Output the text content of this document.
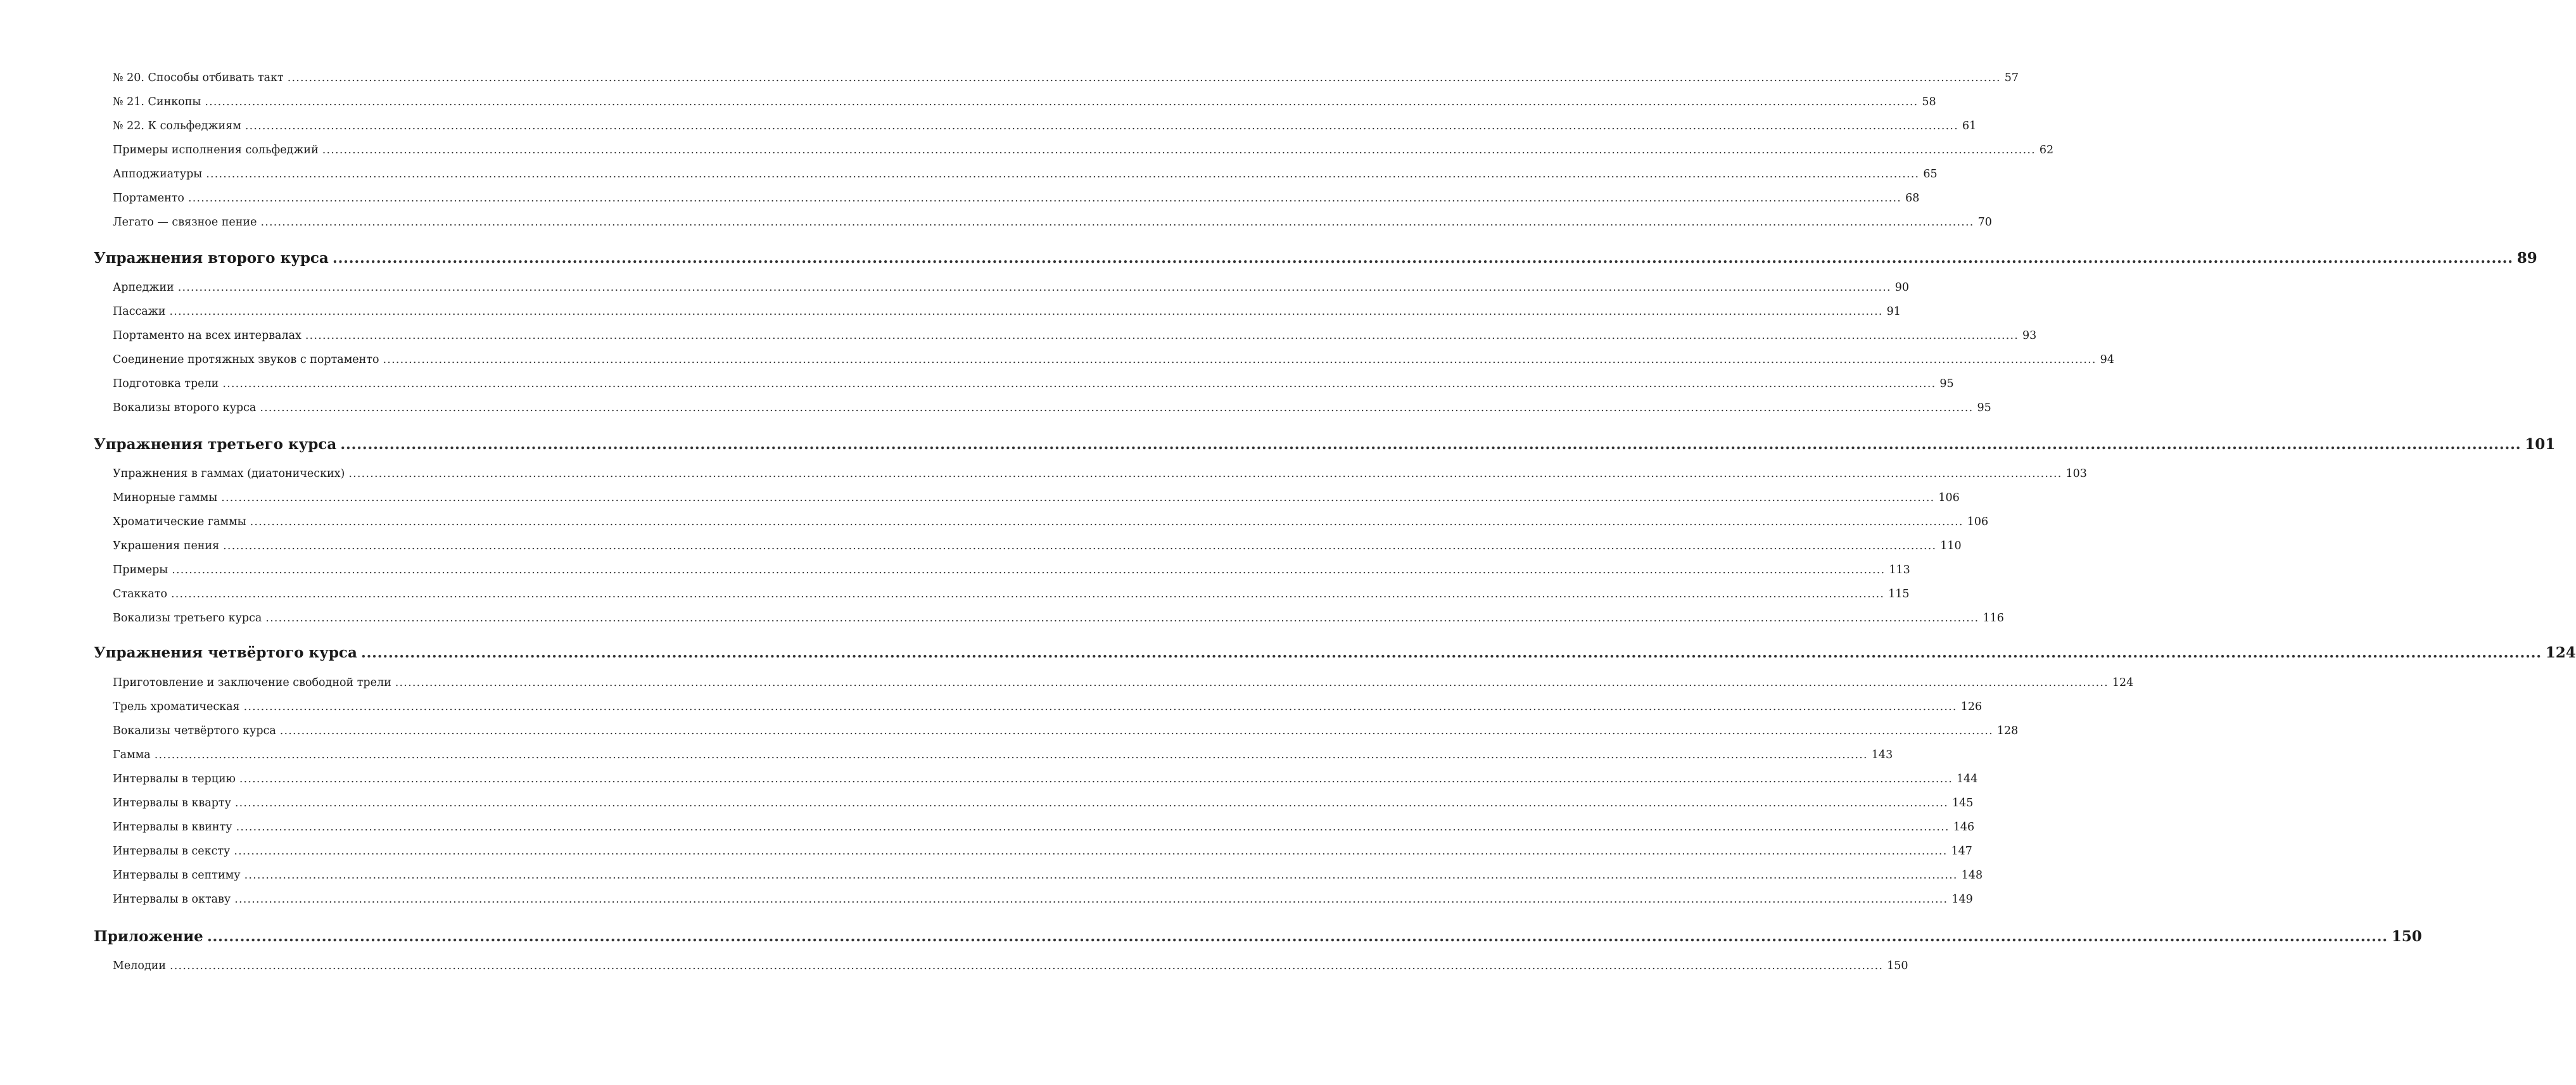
№ 20. Способы отбивать такт ................................................................................................................................................................................................................................................................................................................................................................................................................ 57
№ 21. Синкопы ................................................................................................................................................................................................................................................................................................................................................................................................................ 58
№ 22. К сольфеджиям ................................................................................................................................................................................................................................................................................................................................................................................................................ 61
Примеры исполнения сольфеджий ................................................................................................................................................................................................................................................................................................................................................................................................................ 62
Апподжиатуры ................................................................................................................................................................................................................................................................................................................................................................................................................ 65
Портаменто ................................................................................................................................................................................................................................................................................................................................................................................................................ 68
Легато — связное пение ................................................................................................................................................................................................................................................................................................................................................................................................................ 70
Упражнения второго курса ................................................................................................................................................................................................................................................................................................................................................................................................................ 89
Арпеджии ................................................................................................................................................................................................................................................................................................................................................................................................................ 90
Пассажи ................................................................................................................................................................................................................................................................................................................................................................................................................ 91
Портаменто на всех интервалах ................................................................................................................................................................................................................................................................................................................................................................................................................ 93
Соединение протяжных звуков с портаменто ................................................................................................................................................................................................................................................................................................................................................................................................................ 94
Подготовка трели ................................................................................................................................................................................................................................................................................................................................................................................................................ 95
Вокализы второго курса ................................................................................................................................................................................................................................................................................................................................................................................................................ 95
Упражнения третьего курса ................................................................................................................................................................................................................................................................................................................................................................................................................ 101
Упражнения в гаммах (диатонических) ................................................................................................................................................................................................................................................................................................................................................................................................................ 103
Минорные гаммы ................................................................................................................................................................................................................................................................................................................................................................................................................ 106
Хроматические гаммы ................................................................................................................................................................................................................................................................................................................................................................................................................ 106
Украшения пения ................................................................................................................................................................................................................................................................................................................................................................................................................ 110
Примеры ................................................................................................................................................................................................................................................................................................................................................................................................................ 113
Стаккато ................................................................................................................................................................................................................................................................................................................................................................................................................ 115
Вокализы третьего курса ................................................................................................................................................................................................................................................................................................................................................................................................................ 116
Упражнения четвёртого курса ................................................................................................................................................................................................................................................................................................................................................................................................................ 124
Приготовление и заключение свободной трели ................................................................................................................................................................................................................................................................................................................................................................................................................ 124
Трель хроматическая ................................................................................................................................................................................................................................................................................................................................................................................................................ 126
Вокализы четвёртого курса ................................................................................................................................................................................................................................................................................................................................................................................................................ 128
Гамма ................................................................................................................................................................................................................................................................................................................................................................................................................ 143
Интервалы в терцию ................................................................................................................................................................................................................................................................................................................................................................................................................ 144
Интервалы в кварту ................................................................................................................................................................................................................................................................................................................................................................................................................ 145
Интервалы в квинту ................................................................................................................................................................................................................................................................................................................................................................................................................ 146
Интервалы в сексту ................................................................................................................................................................................................................................................................................................................................................................................................................ 147
Интервалы в септиму ................................................................................................................................................................................................................................................................................................................................................................................................................ 148
Интервалы в октаву ................................................................................................................................................................................................................................................................................................................................................................................................................ 149
Приложение ................................................................................................................................................................................................................................................................................................................................................................................................................ 150
Мелодии ................................................................................................................................................................................................................................................................................................................................................................................................................ 150
